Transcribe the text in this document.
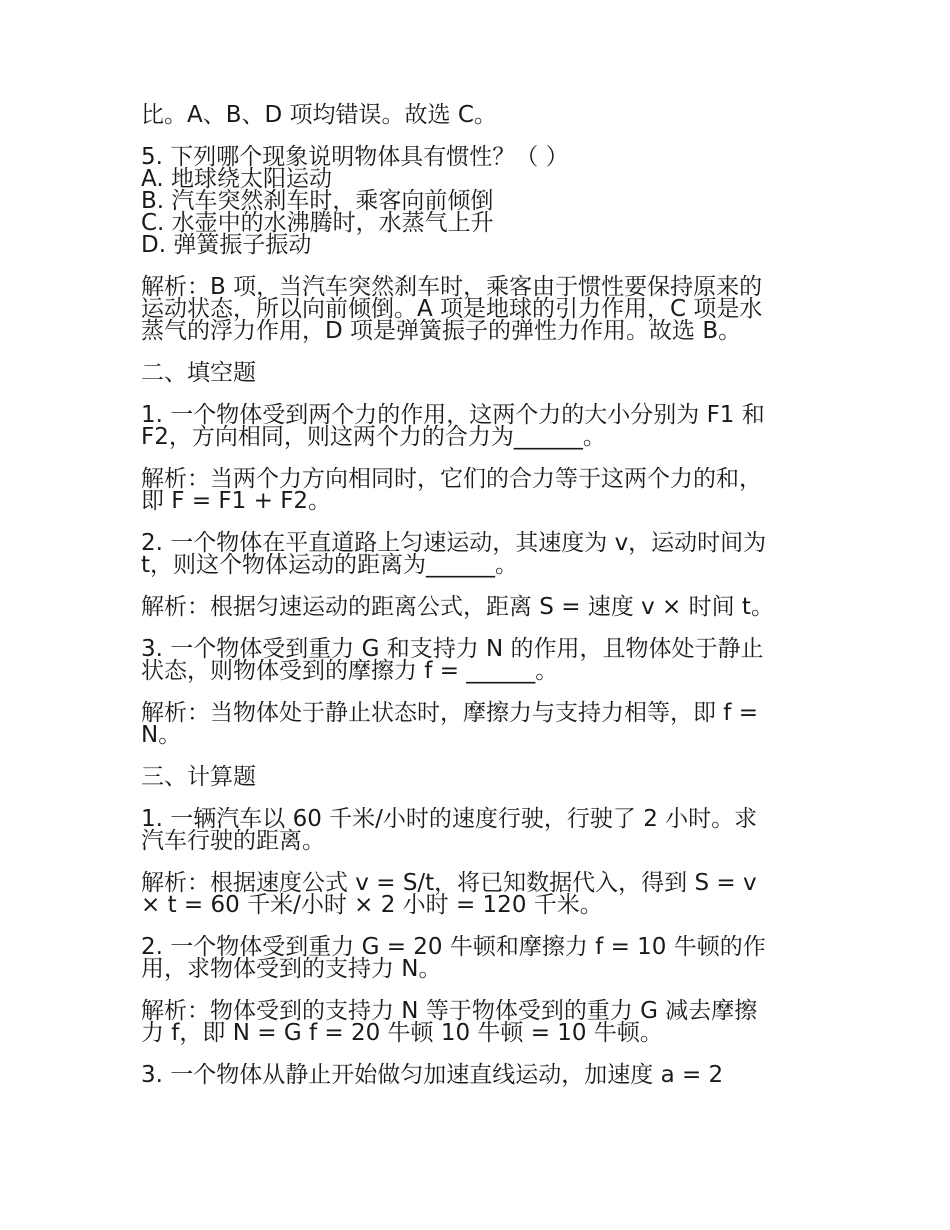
比。A、B、D 项均错误。故选 C。
5. 下列哪个现象说明物体具有惯性？（ ）
A. 地球绕太阳运动
B. 汽车突然刹车时，乘客向前倾倒
C. 水壶中的水沸腾时，水蒸气上升
D. 弹簧振子振动
解析：B 项，当汽车突然刹车时，乘客由于惯性要保持原来的
运动状态，所以向前倾倒。A 项是地球的引力作用，C 项是水
蒸气的浮力作用，D 项是弹簧振子的弹性力作用。故选 B。
二、填空题
1. 一个物体受到两个力的作用，这两个力的大小分别为 F1 和
F2，方向相同，则这两个力的合力为______。
解析：当两个力方向相同时，它们的合力等于这两个力的和，
即 F = F1 + F2。
2. 一个物体在平直道路上匀速运动，其速度为 v，运动时间为
t，则这个物体运动的距离为______。
解析：根据匀速运动的距离公式，距离 S = 速度 v × 时间 t。
3. 一个物体受到重力 G 和支持力 N 的作用，且物体处于静止
状态，则物体受到的摩擦力 f = ______。
解析：当物体处于静止状态时，摩擦力与支持力相等，即 f =
N。
三、计算题
1. 一辆汽车以 60 千米/小时的速度行驶，行驶了 2 小时。求
汽车行驶的距离。
解析：根据速度公式 v = S/t，将已知数据代入，得到 S = v
× t = 60 千米/小时 × 2 小时 = 120 千米。
2. 一个物体受到重力 G = 20 牛顿和摩擦力 f = 10 牛顿的作
用，求物体受到的支持力 N。
解析：物体受到的支持力 N 等于物体受到的重力 G 减去摩擦
力 f，即 N = G f = 20 牛顿 10 牛顿 = 10 牛顿。
3. 一个物体从静止开始做匀加速直线运动，加速度 a = 2
